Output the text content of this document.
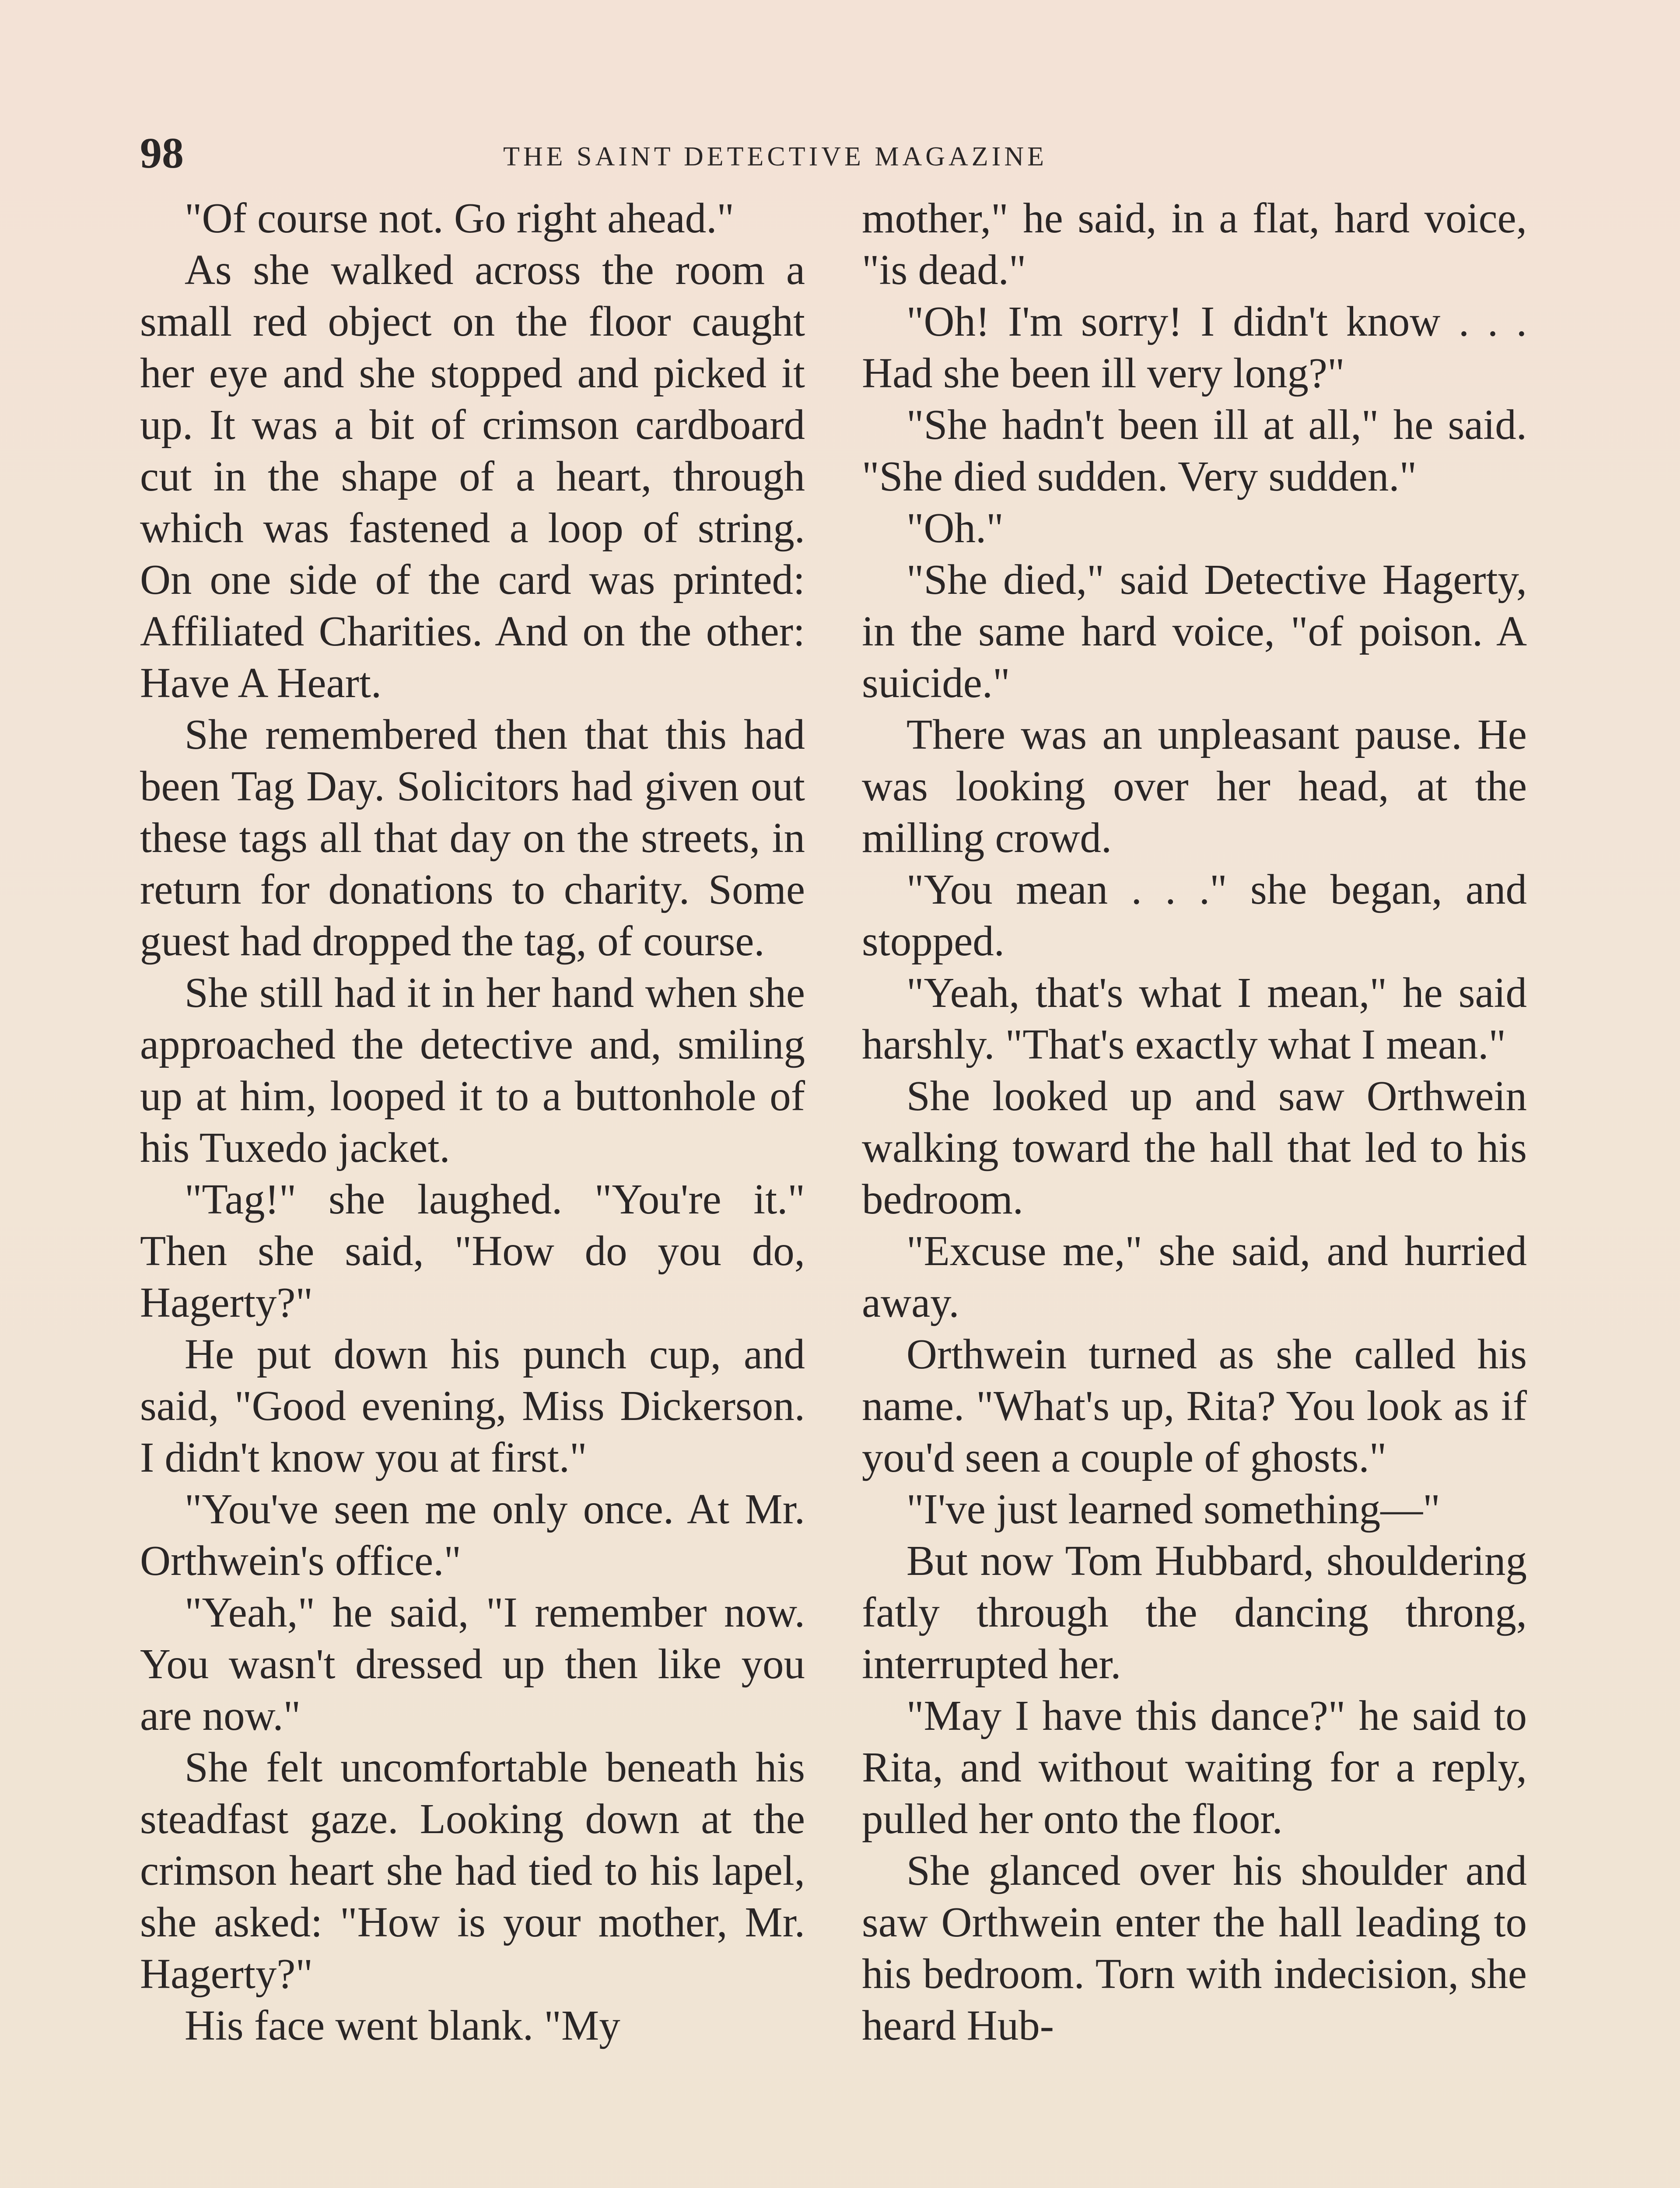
98	THE SAINT DETECTIVE MAGAZINE

"Of course not. Go right ahead."

As she walked across the room a small red object on the floor caught her eye and she stopped and picked it up. It was a bit of crimson cardboard cut in the shape of a heart, through which was fastened a loop of string. On one side of the card was printed: Affiliated Charities. And on the other: Have A Heart.

She remembered then that this had been Tag Day. Solicitors had given out these tags all that day on the streets, in return for donations to charity. Some guest had dropped the tag, of course.

She still had it in her hand when she approached the detective and, smiling up at him, looped it to a buttonhole of his Tuxedo jacket.

"Tag!" she laughed. "You're it." Then she said, "How do you do, Hagerty?"

He put down his punch cup, and said, "Good evening, Miss Dickerson. I didn't know you at first."

"You've seen me only once. At Mr. Orthwein's office."

"Yeah," he said, "I remember now. You wasn't dressed up then like you are now."

She felt uncomfortable beneath his steadfast gaze. Looking down at the crimson heart she had tied to his lapel, she asked: "How is your mother, Mr. Hagerty?"

His face went blank. "My

mother," he said, in a flat, hard voice, "is dead."

"Oh! I'm sorry! I didn't know . . . Had she been ill very long?"

"She hadn't been ill at all," he said. "She died sudden. Very sudden."

"Oh."

"She died," said Detective Hagerty, in the same hard voice, "of poison. A suicide."

There was an unpleasant pause. He was looking over her head, at the milling crowd.

"You mean . . ." she began, and stopped.

"Yeah, that's what I mean," he said harshly. "That's exactly what I mean."

She looked up and saw Orthwein walking toward the hall that led to his bedroom.

"Excuse me," she said, and hurried away.

Orthwein turned as she called his name. "What's up, Rita? You look as if you'd seen a couple of ghosts."

"I've just learned something—"

But now Tom Hubbard, shouldering fatly through the dancing throng, interrupted her.

"May I have this dance?" he said to Rita, and without waiting for a reply, pulled her onto the floor.

She glanced over his shoulder and saw Orthwein enter the hall leading to his bedroom. Torn with indecision, she heard Hub-
